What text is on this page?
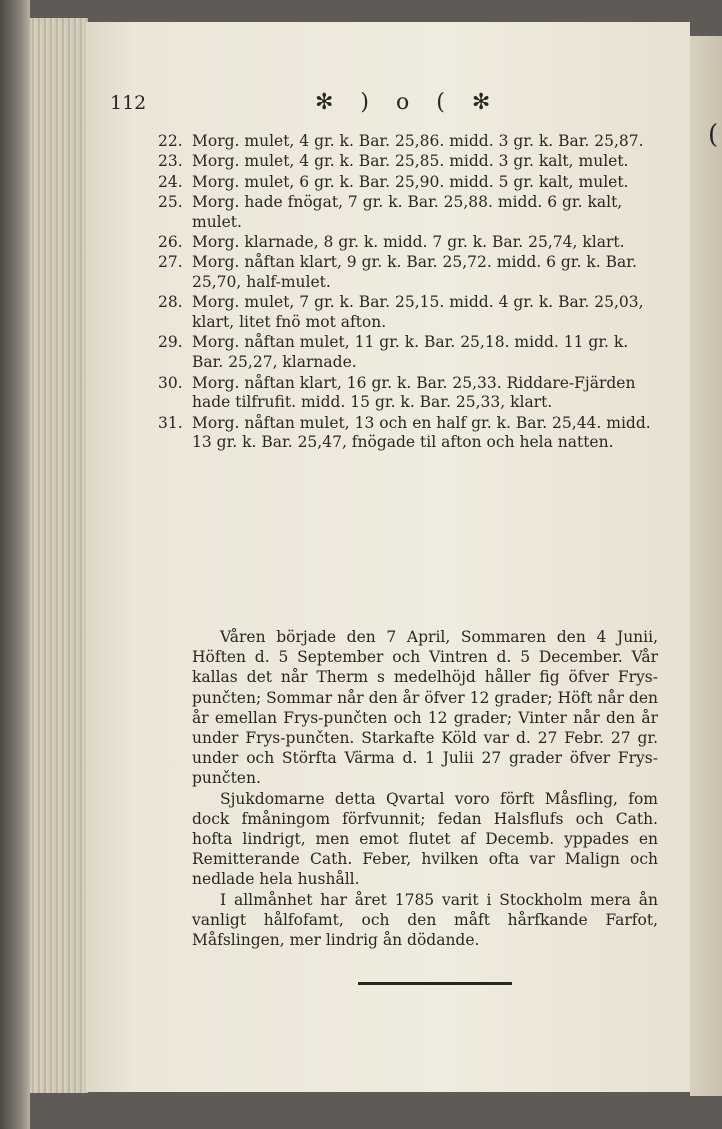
(
112	✻ ) o ( ✻
22. Morg. mulet, 4 gr. k. Bar. 25,86. midd. 3 gr. k. Bar. 25,87.
23. Morg. mulet, 4 gr. k. Bar. 25,85. midd. 3 gr. kalt, mulet.
24. Morg. mulet, 6 gr. k. Bar. 25,90. midd. 5 gr. kalt, mulet.
25. Morg. hade fnögat, 7 gr. k. Bar. 25,88. midd. 6 gr. kalt, mulet.
26. Morg. klarnade, 8 gr. k. midd. 7 gr. k. Bar. 25,74, klart.
27. Morg. nåftan klart, 9 gr. k. Bar. 25,72. midd. 6 gr. k. Bar. 25,70, half-mulet.
28. Morg. mulet, 7 gr. k. Bar. 25,15. midd. 4 gr. k. Bar. 25,03, klart, litet fnö mot afton.
29. Morg. nåftan mulet, 11 gr. k. Bar. 25,18. midd. 11 gr. k. Bar. 25,27, klarnade.
30. Morg. nåftan klart, 16 gr. k. Bar. 25,33. Riddare-Fjärden hade tilfrufit. midd. 15 gr. k. Bar. 25,33, klart.
31. Morg. nåftan mulet, 13 och en half gr. k. Bar. 25,44. midd. 13 gr. k. Bar. 25,47, fnögade til afton och hela natten.

Våren började den 7 April, Sommaren den 4 Junii, Höften d. 5 September och Vintren d. 5 December. Vår kallas det når Therm s medelhöjd håller fig öfver Frys-punčten; Sommar når den år öfver 12 grader; Höft når den år emellan Frys-punčten och 12 grader; Vinter når den år under Frys-punčten. Starkafte Köld var d. 27 Febr. 27 gr. under och Störfta Värma d. 1 Julii 27 grader öfver Frys-punčten.

Sjukdomarne detta Qvartal voro förft Måsfling, fom dock fmåningom förfvunnit; fedan Halsflufs och Cath. hofta lindrigt, men emot flutet af Decemb. yppades en Remitterande Cath. Feber, hvilken ofta var Malign och nedlade hela hushåll.

I allmånhet har året 1785 varit i Stockholm mera ån vanligt hålfofamt, och den måft hårfkande Farfot, Måfslingen, mer lindrig ån dödande.
